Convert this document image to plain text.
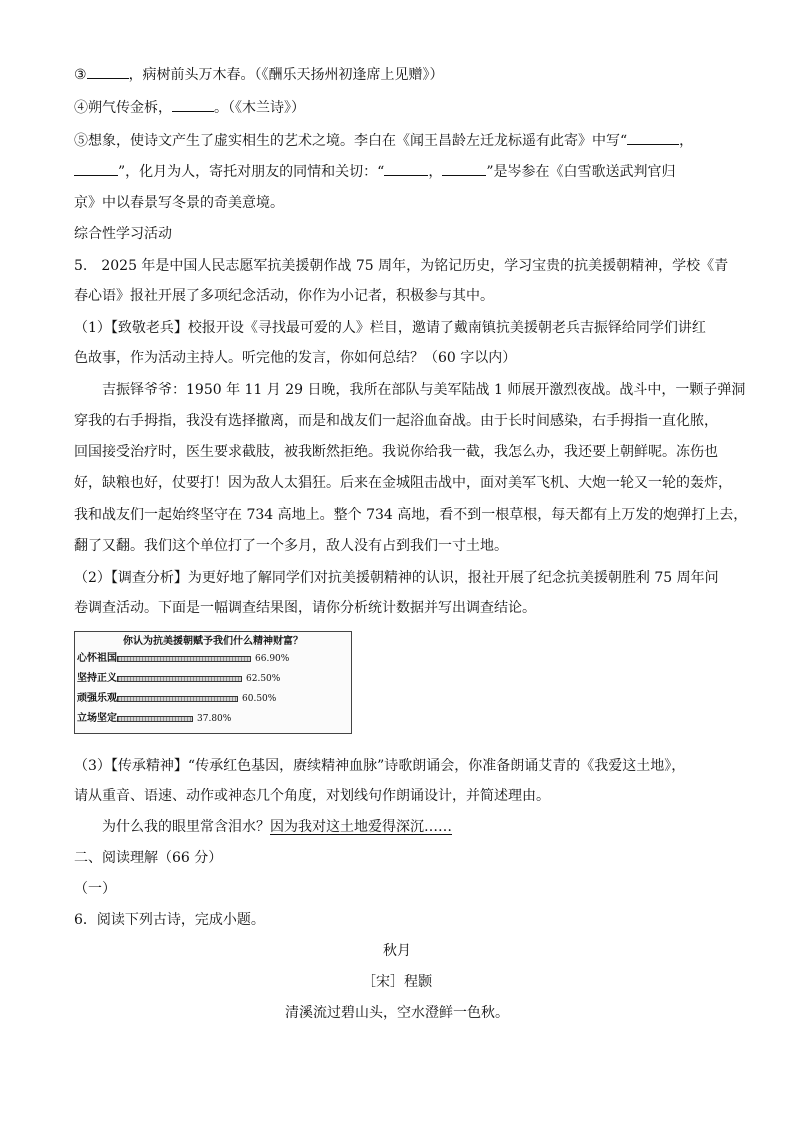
③	，病树前头万木春。（《酬乐天扬州初逢席上见赠》）
④朔气传金柝，	。（《木兰诗》）
⑤想象，使诗文产生了虚实相生的艺术之境。李白在《闻王昌龄左迁龙标遥有此寄》中写“	，
”，化月为人，寄托对朋友的同情和关切：“	，	”是岑参在《白雪歌送武判官归
京》中以春景写冬景的奇美意境。
综合性学习活动
5.　2025 年是中国人民志愿军抗美援朝作战 75 周年，为铭记历史，学习宝贵的抗美援朝精神，学校《青
春心语》报社开展了多项纪念活动，你作为小记者，积极参与其中。
（1）【致敬老兵】校报开设《寻找最可爱的人》栏目，邀请了戴南镇抗美援朝老兵吉振铎给同学们讲红
色故事，作为活动主持人。听完他的发言，你如何总结？（60 字以内）
吉振铎爷爷：1950 年 11 月 29 日晚，我所在部队与美军陆战 1 师展开激烈夜战。战斗中，一颗子弹洞
穿我的右手拇指，我没有选择撤离，而是和战友们一起浴血奋战。由于长时间感染，右手拇指一直化脓，
回国接受治疗时，医生要求截肢，被我断然拒绝。我说你给我一截，我怎么办，我还要上朝鲜呢。冻伤也
好，缺粮也好，仗要打！因为敌人太猖狂。后来在金城阻击战中，面对美军飞机、大炮一轮又一轮的轰炸，
我和战友们一起始终坚守在 734 高地上。整个 734 高地，看不到一根草根，每天都有上万发的炮弹打上去，
翻了又翻。我们这个单位打了一个多月，敌人没有占到我们一寸土地。
（2）【调查分析】为更好地了解同学们对抗美援朝精神的认识，报社开展了纪念抗美援朝胜利 75 周年问
卷调查活动。下面是一幅调查结果图，请你分析统计数据并写出调查结论。
你认为抗美援朝赋予我们什么精神财富？
心怀祖国	66.90%
坚持正义	62.50%
顽强乐观	60.50%
立场坚定	37.80%
（3）【传承精神】“传承红色基因，赓续精神血脉”诗歌朗诵会，你准备朗诵艾青的《我爱这土地》，
请从重音、语速、动作或神态几个角度，对划线句作朗诵设计，并简述理由。
为什么我的眼里常含泪水？因为我对这土地爱得深沉……
二、阅读理解（66 分）
（一）
6．阅读下列古诗，完成小题。
秋月
［宋］程颢
清溪流过碧山头，空水澄鲜一色秋。
